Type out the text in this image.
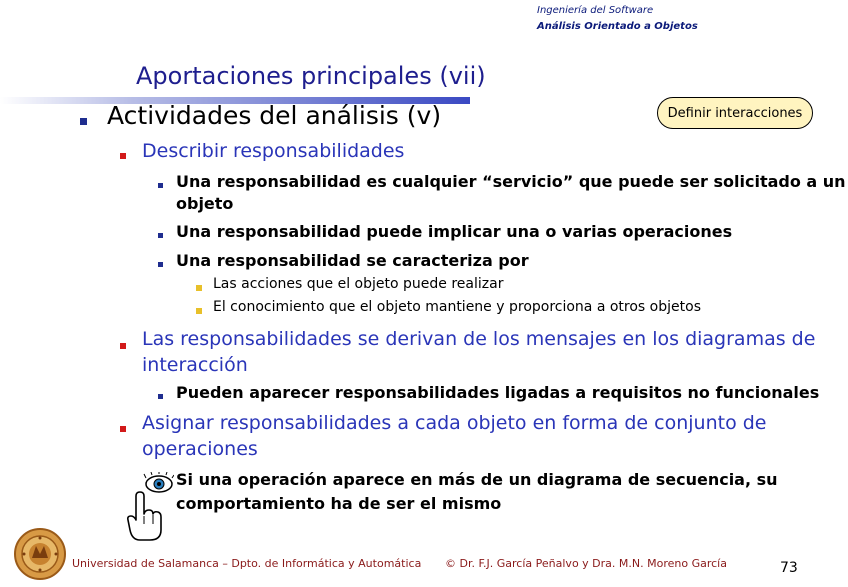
Ingeniería del Software
Análisis Orientado a Objetos
Aportaciones principales (vii)
Definir interacciones
Actividades del análisis (v)
Describir responsabilidades
Una responsabilidad es cualquier “servicio” que puede ser solicitado a un
objeto
Una responsabilidad puede implicar una o varias operaciones
Una responsabilidad se caracteriza por
Las acciones que el objeto puede realizar
El conocimiento que el objeto mantiene y proporciona a otros objetos
Las responsabilidades se derivan de los mensajes en los diagramas de
interacción
Pueden aparecer responsabilidades ligadas a requisitos no funcionales
Asignar responsabilidades a cada objeto en forma de conjunto de
operaciones
Si una operación aparece en más de un diagrama de secuencia, su
comportamiento ha de ser el mismo
Universidad de Salamanca – Dpto. de Informática y Automática © Dr. F.J. García Peñalvo y Dra. M.N. Moreno García	73
